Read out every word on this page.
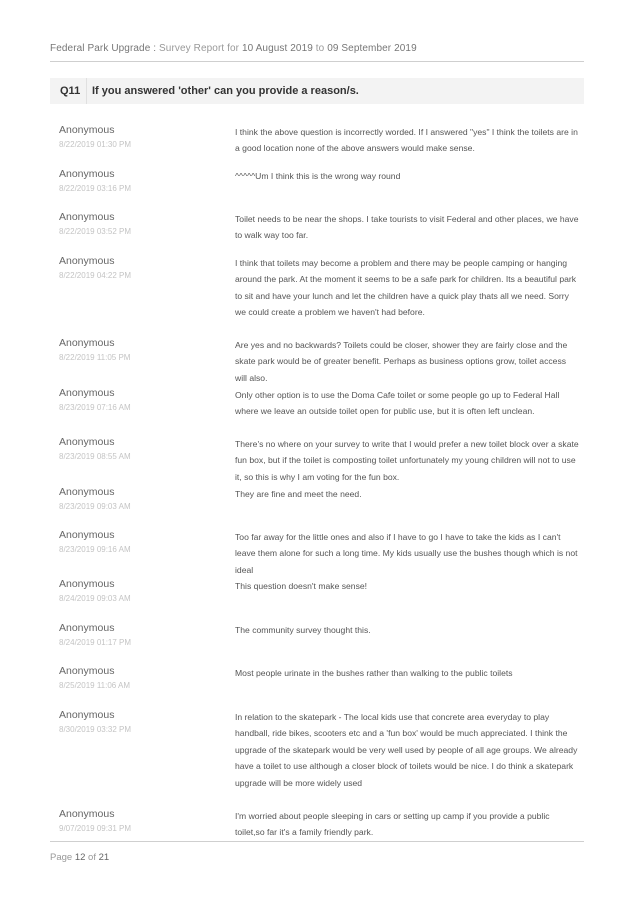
Federal Park Upgrade : Survey Report for 10 August 2019 to 09 September 2019
Q11 If you answered 'other' can you provide a reason/s.
Anonymous
8/22/2019 01:30 PM
I think the above question is incorrectly worded. If I answered "yes" I think the toilets are in a good location none of the above answers would make sense.
Anonymous
8/22/2019 03:16 PM
^^^^^Um I think this is the wrong way round
Anonymous
8/22/2019 03:52 PM
Toilet needs to be near the shops. I take tourists to visit Federal and other places, we have to walk way too far.
Anonymous
8/22/2019 04:22 PM
I think that toilets may become a problem and there may be people camping or hanging around the park. At the moment it seems to be a safe park for children. Its a beautiful park to sit and have your lunch and let the children have a quick play thats all we need. Sorry we could create a problem we haven't had before.
Anonymous
8/22/2019 11:05 PM
Are yes and no backwards? Toilets could be closer, shower they are fairly close and the skate park would be of greater benefit. Perhaps as business options grow, toilet access will also.
Anonymous
8/23/2019 07:16 AM
Only other option is to use the Doma Cafe toilet or some people go up to Federal Hall where we leave an outside toilet open for public use, but it is often left unclean.
Anonymous
8/23/2019 08:55 AM
There's no where on your survey to write that I would prefer a new toilet block over a skate fun box, but if the toilet is composting toilet unfortunately my young children will not to use it, so this is why I am voting for the fun box.
Anonymous
8/23/2019 09:03 AM
They are fine and meet the need.
Anonymous
8/23/2019 09:16 AM
Too far away for the little ones and also if I have to go I have to take the kids as I can't leave them alone for such a long time. My kids usually use the bushes though which is not ideal
Anonymous
8/24/2019 09:03 AM
This question doesn't make sense!
Anonymous
8/24/2019 01:17 PM
The community survey thought this.
Anonymous
8/25/2019 11:06 AM
Most people urinate in the bushes rather than walking to the public toilets
Anonymous
8/30/2019 03:32 PM
In relation to the skatepark - The local kids use that concrete area everyday to play handball, ride bikes, scooters etc and a 'fun box' would be much appreciated. I think the upgrade of the skatepark would be very well used by people of all age groups. We already have a toilet to use although a closer block of toilets would be nice. I do think a skatepark upgrade will be more widely used
Anonymous
9/07/2019 09:31 PM
I'm worried about people sleeping in cars or setting up camp if you provide a public toilet,so far it's a family friendly park.
Page 12 of 21
